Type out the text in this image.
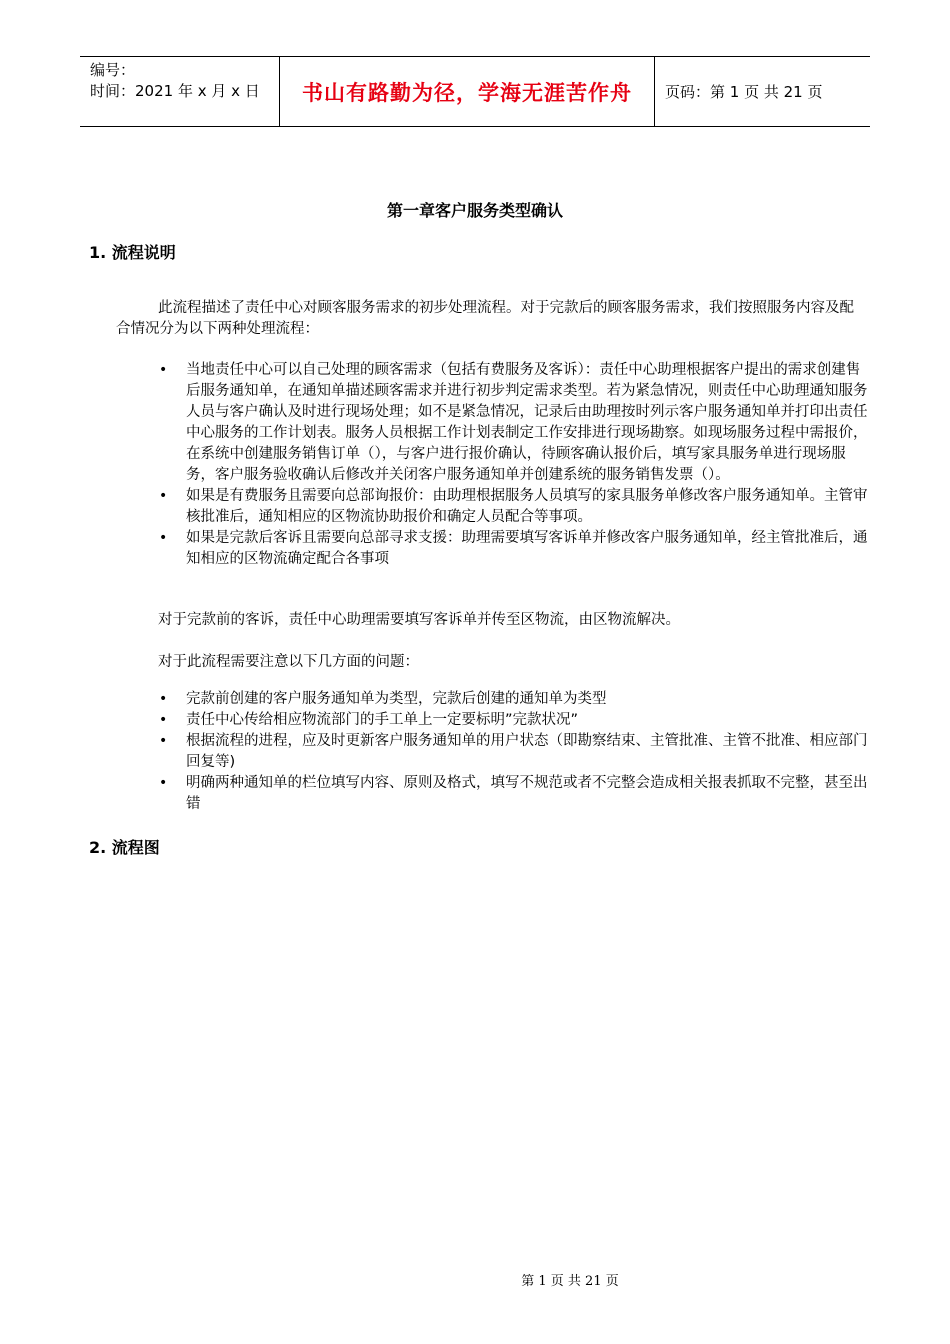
编号：
时间：2021 年 x 月 x 日	书山有路勤为径，学海无涯苦作舟	页码：第 1 页 共 21 页
第一章客户服务类型确认
1. 流程说明
此流程描述了责任中心对顾客服务需求的初步处理流程。对于完款后的顾客服务需求，我们按照服务内容及配合情况分为以下两种处理流程：
• 当地责任中心可以自己处理的顾客需求（包括有费服务及客诉）：责任中心助理根据客户提出的需求创建售后服务通知单，在通知单描述顾客需求并进行初步判定需求类型。若为紧急情况，则责任中心助理通知服务人员与客户确认及时进行现场处理；如不是紧急情况，记录后由助理按时列示客户服务通知单并打印出责任中心服务的工作计划表。服务人员根据工作计划表制定工作安排进行现场勘察。如现场服务过程中需报价，在系统中创建服务销售订单（），与客户进行报价确认，待顾客确认报价后，填写家具服务单进行现场服务，客户服务验收确认后修改并关闭客户服务通知单并创建系统的服务销售发票（）。
• 如果是有费服务且需要向总部询报价：由助理根据服务人员填写的家具服务单修改客户服务通知单。主管审核批准后，通知相应的区物流协助报价和确定人员配合等事项。
• 如果是完款后客诉且需要向总部寻求支援：助理需要填写客诉单并修改客户服务通知单，经主管批准后，通知相应的区物流确定配合各事项
对于完款前的客诉，责任中心助理需要填写客诉单并传至区物流，由区物流解决。
对于此流程需要注意以下几方面的问题：
• 完款前创建的客户服务通知单为类型，完款后创建的通知单为类型
• 责任中心传给相应物流部门的手工单上一定要标明”完款状况”
• 根据流程的进程，应及时更新客户服务通知单的用户状态（即勘察结束、主管批准、主管不批准、相应部门回复等)
• 明确两种通知单的栏位填写内容、原则及格式，填写不规范或者不完整会造成相关报表抓取不完整，甚至出错
2. 流程图
第 1 页 共 21 页
